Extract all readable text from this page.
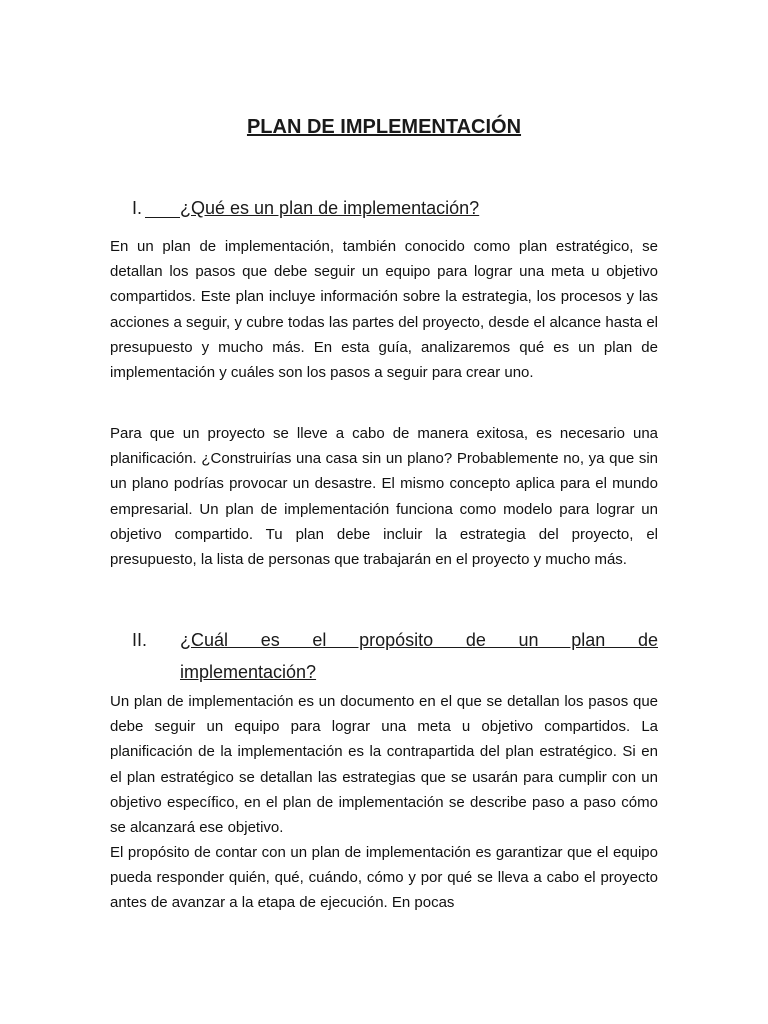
PLAN DE IMPLEMENTACIÓN
I. ¿Qué es un plan de implementación?

En un plan de implementación, también conocido como plan estratégico, se detallan los pasos que debe seguir un equipo para lograr una meta u objetivo compartidos. Este plan incluye información sobre la estrategia, los procesos y las acciones a seguir, y cubre todas las partes del proyecto, desde el alcance hasta el presupuesto y mucho más. En esta guía, analizaremos qué es un plan de implementación y cuáles son los pasos a seguir para crear uno.

Para que un proyecto se lleve a cabo de manera exitosa, es necesario una planificación. ¿Construirías una casa sin un plano? Probablemente no, ya que sin un plano podrías provocar un desastre. El mismo concepto aplica para el mundo empresarial. Un plan de implementación funciona como modelo para lograr un objetivo compartido. Tu plan debe incluir la estrategia del proyecto, el presupuesto, la lista de personas que trabajarán en el proyecto y mucho más.

II. ¿Cuál es el propósito de un plan de
implementación?

Un plan de implementación es un documento en el que se detallan los pasos que debe seguir un equipo para lograr una meta u objetivo compartidos. La planificación de la implementación es la contrapartida del plan estratégico. Si en el plan estratégico se detallan las estrategias que se usarán para cumplir con un objetivo específico, en el plan de implementación se describe paso a paso cómo se alcanzará ese objetivo.

El propósito de contar con un plan de implementación es garantizar que el equipo pueda responder quién, qué, cuándo, cómo y por qué se lleva a cabo el proyecto antes de avanzar a la etapa de ejecución. En pocas
